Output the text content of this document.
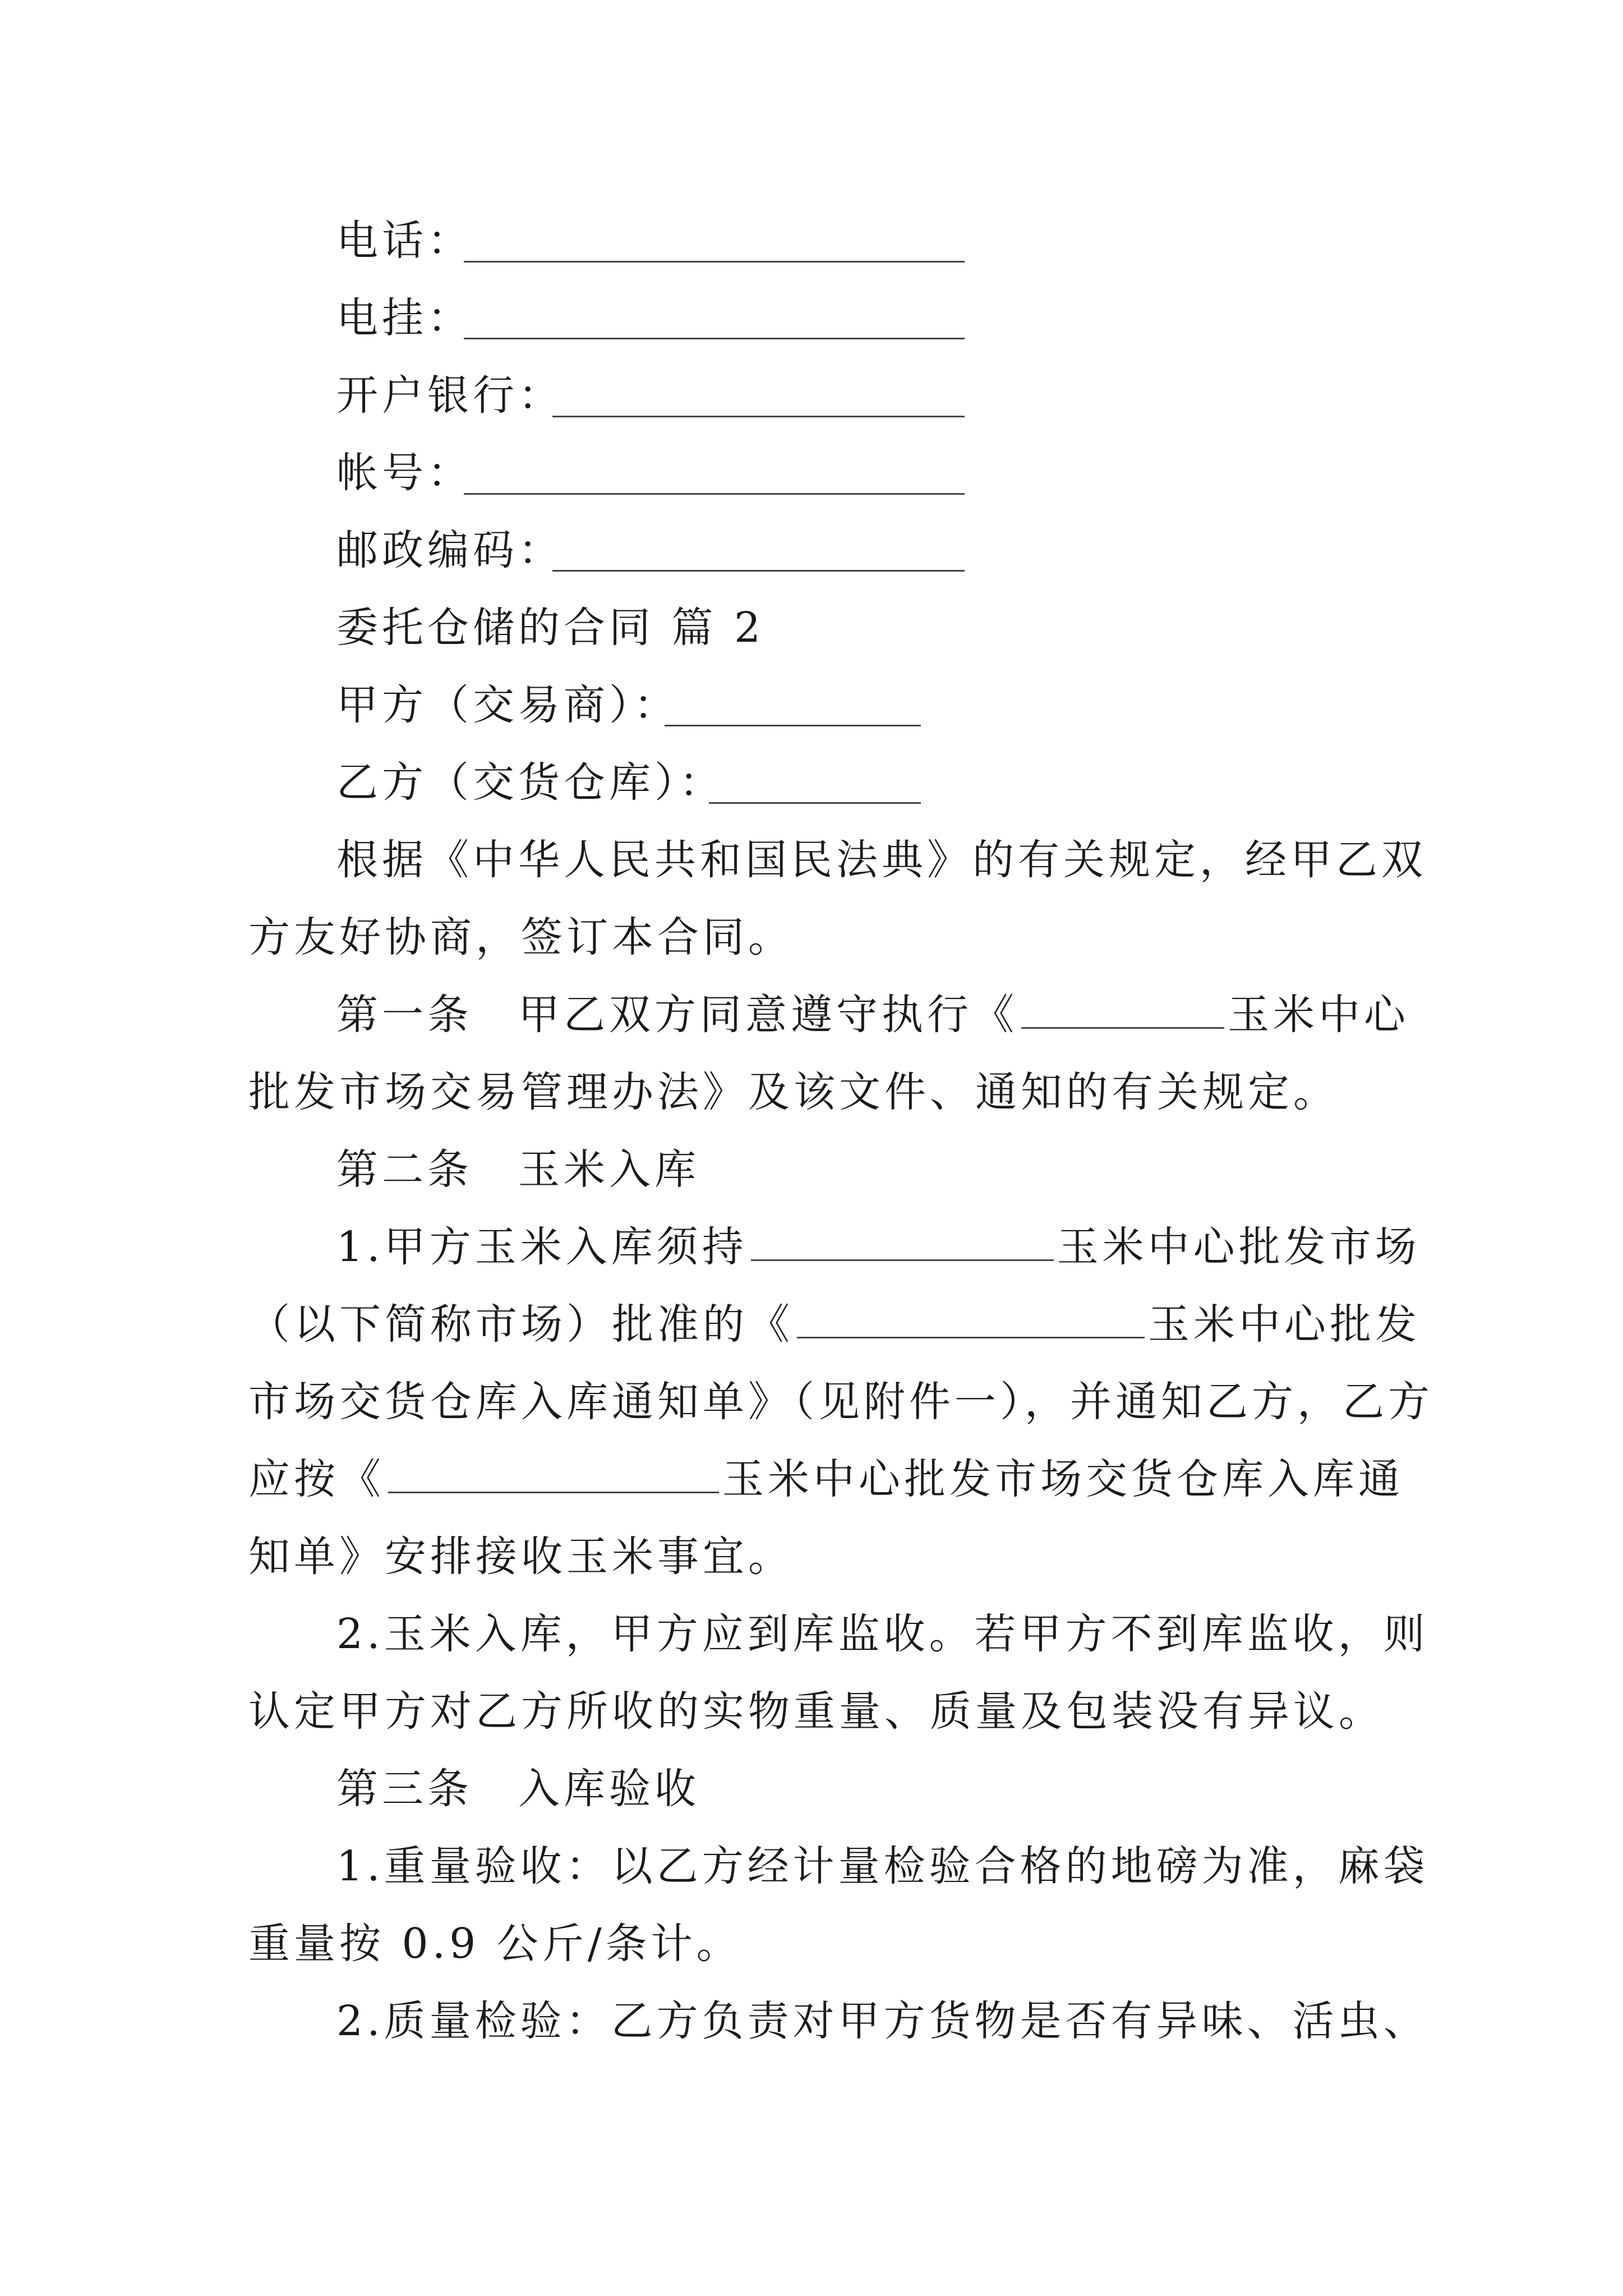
电话：
电挂：
开户银行：
帐号：
邮政编码：
委托仓储的合同 篇 2
甲方（交易商）：
乙方（交货仓库）：
根据《中华人民共和国民法典》的有关规定，经甲乙双
方友好协商，签订本合同。
第一条　甲乙双方同意遵守执行《	玉米中心
批发市场交易管理办法》及该文件、通知的有关规定。
第二条　玉米入库
1.甲方玉米入库须持	玉米中心批发市场
（以下简称市场）批准的《	玉米中心批发
市场交货仓库入库通知单》（见附件一），并通知乙方，乙方
应按《	玉米中心批发市场交货仓库入库通
知单》安排接收玉米事宜。
2.玉米入库，甲方应到库监收。若甲方不到库监收，则
认定甲方对乙方所收的实物重量、质量及包装没有异议。
第三条　入库验收
1.重量验收：以乙方经计量检验合格的地磅为准，麻袋
重量按 0.9 公斤/条计。
2.质量检验：乙方负责对甲方货物是否有异味、活虫、
